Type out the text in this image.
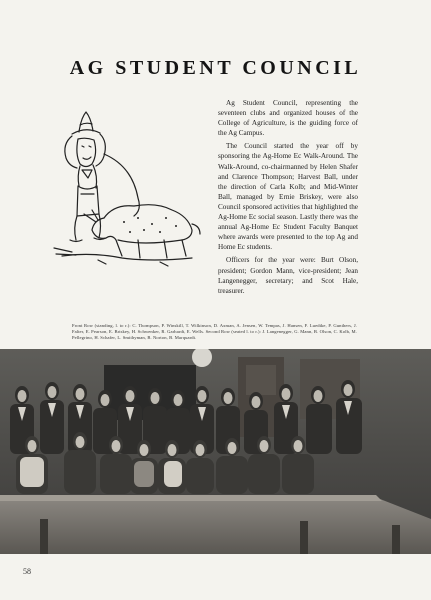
AG STUDENT COUNCIL

Ag Student Council, representing the seventeen clubs and organized houses of the College of Agriculture, is the guiding force of the Ag Campus.

The Council started the year off by sponsoring the Ag-Home Ec Walk-Around. The Walk-Around, co-chairmanned by Helen Shafer and Clarence Thompson; Harvest Ball, under the direction of Carla Kolb; and Mid-Winter Ball, managed by Ernie Briskey, were also Council sponsored activities that highlighted the Ag-Home Ec social season. Lastly there was the annual Ag-Home Ec Student Faculty Banquet where awards were presented to the top Ag and Home Ec students.

Officers for the year were: Burt Olson, president; Gordon Mann, vice-president; Jean Langenegger, secretary; and Scot Hale, treasurer.

Front Row (standing, l. to r.): C. Thompson, P. Winskill, T. Wilkinson, D. Axman, A. Jensen, W. Tempas, J. Hansen, F. Luedtke, P. Gunthers, J. Falter, E. Pearson, E. Briskey, H. Schwenker, R. Garhardt, E. Wells. Second Row (seated l. to r.): J. Langenegger, G. Mann, B. Olson, C. Kolb, M. Pellegrino, H. Schafer, L. Smithyman, B. Norton, B. Marquardt.
58
